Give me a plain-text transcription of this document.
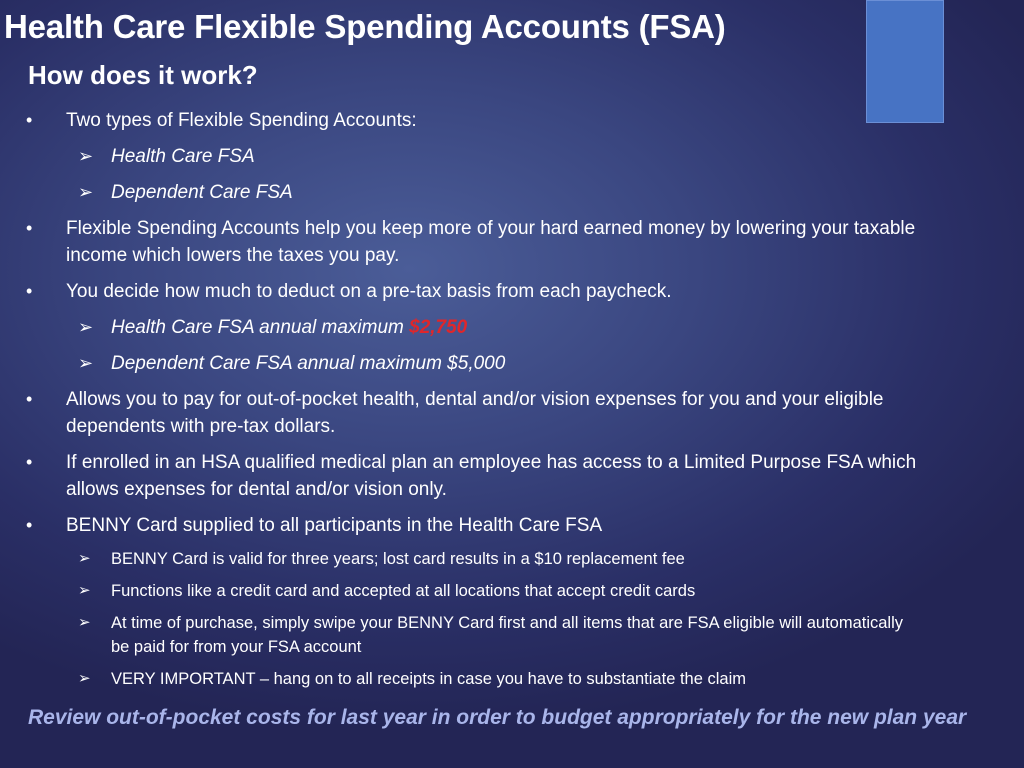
Health Care Flexible Spending Accounts (FSA)
How does it work?
• Two types of Flexible Spending Accounts:
➢ Health Care FSA
➢ Dependent Care FSA
• Flexible Spending Accounts help you keep more of your hard earned money by lowering your taxable
income which lowers the taxes you pay.
• You decide how much to deduct on a pre-tax basis from each paycheck.
➢ Health Care FSA annual maximum $2,750
➢ Dependent Care FSA annual maximum $5,000
• Allows you to pay for out-of-pocket health, dental and/or vision expenses for you and your eligible
dependents with pre-tax dollars.
• If enrolled in an HSA qualified medical plan an employee has access to a Limited Purpose FSA which
allows expenses for dental and/or vision only.
• BENNY Card supplied to all participants in the Health Care FSA
➢ BENNY Card is valid for three years; lost card results in a $10 replacement fee
➢ Functions like a credit card and accepted at all locations that accept credit cards
➢ At time of purchase, simply swipe your BENNY Card first and all items that are FSA eligible will automatically
be paid for from your FSA account
➢ VERY IMPORTANT – hang on to all receipts in case you have to substantiate the claim

Review out-of-pocket costs for last year in order to budget appropriately for the new plan year
